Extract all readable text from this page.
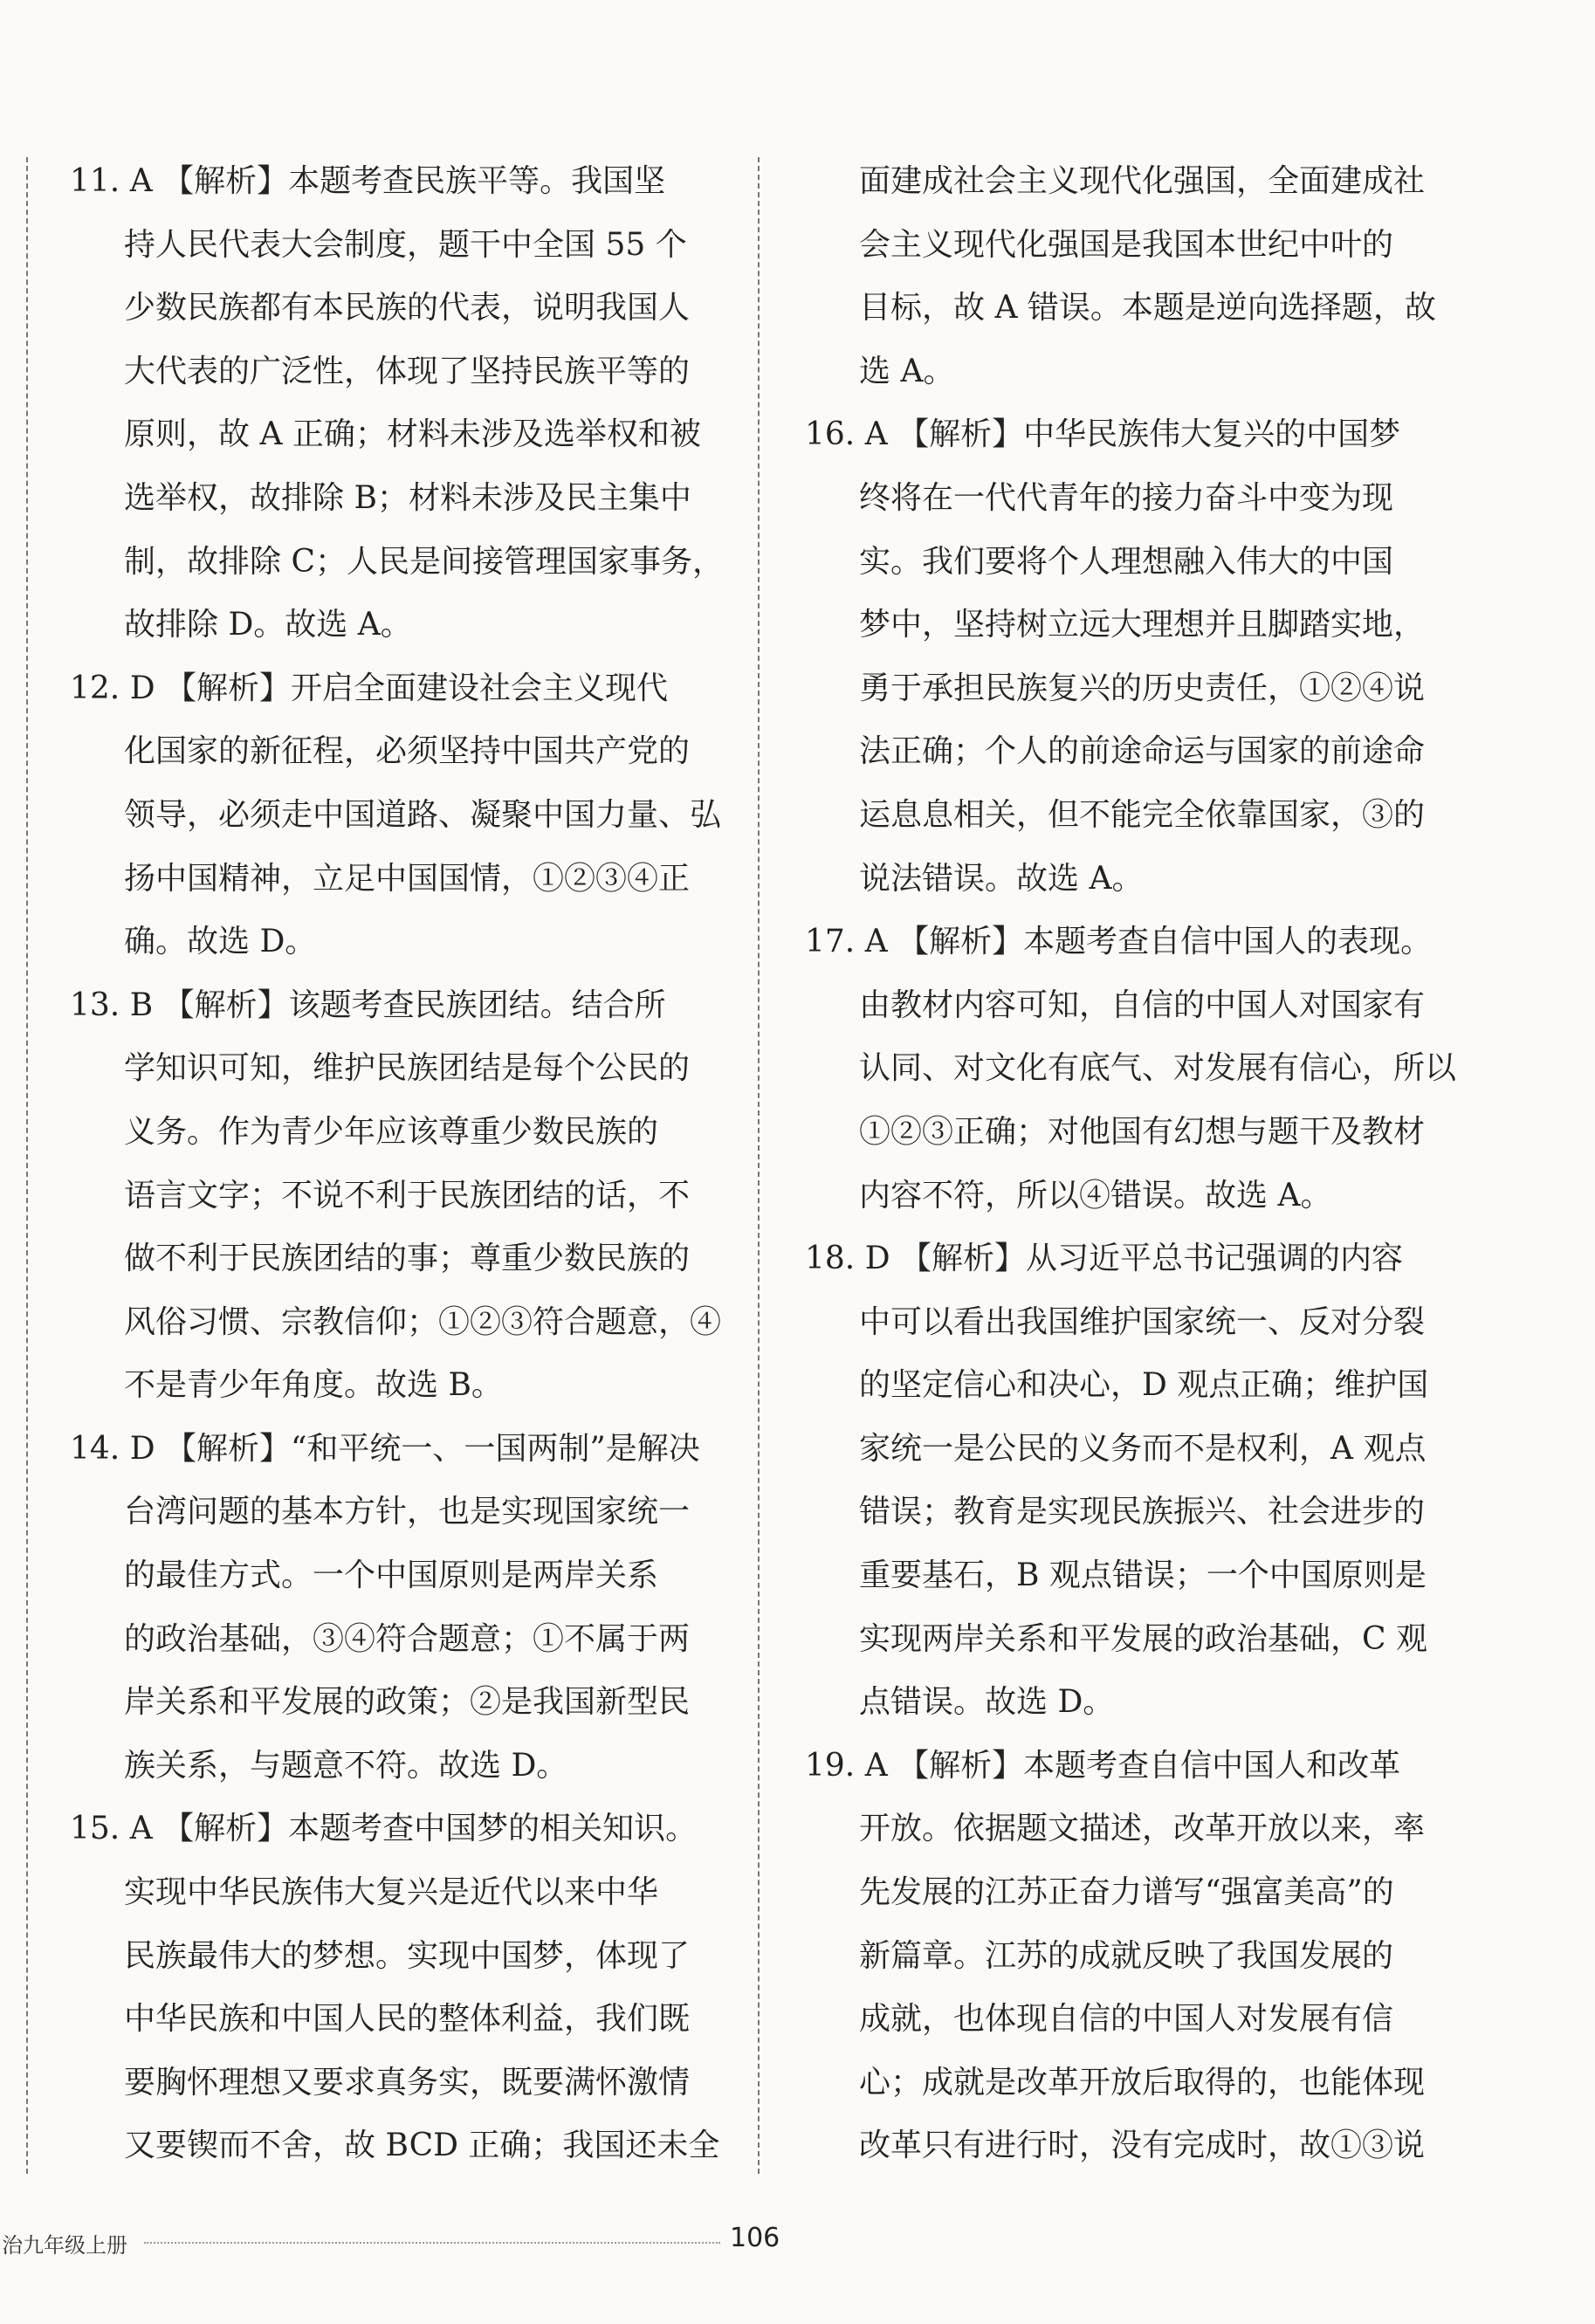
11. A 【解析】本题考查民族平等。我国坚
持人民代表大会制度，题干中全国 55 个
少数民族都有本民族的代表，说明我国人
大代表的广泛性，体现了坚持民族平等的
原则，故 A 正确；材料未涉及选举权和被
选举权，故排除 B；材料未涉及民主集中
制，故排除 C；人民是间接管理国家事务，
故排除 D。故选 A。
12. D 【解析】开启全面建设社会主义现代
化国家的新征程，必须坚持中国共产党的
领导，必须走中国道路、凝聚中国力量、弘
扬中国精神，立足中国国情，①②③④正
确。故选 D。
13. B 【解析】该题考查民族团结。结合所
学知识可知，维护民族团结是每个公民的
义务。作为青少年应该尊重少数民族的
语言文字；不说不利于民族团结的话，不
做不利于民族团结的事；尊重少数民族的
风俗习惯、宗教信仰；①②③符合题意，④
不是青少年角度。故选 B。
14. D 【解析】“和平统一、一国两制”是解决
台湾问题的基本方针，也是实现国家统一
的最佳方式。一个中国原则是两岸关系
的政治基础，③④符合题意；①不属于两
岸关系和平发展的政策；②是我国新型民
族关系，与题意不符。故选 D。
15. A 【解析】本题考查中国梦的相关知识。
实现中华民族伟大复兴是近代以来中华
民族最伟大的梦想。实现中国梦，体现了
中华民族和中国人民的整体利益，我们既
要胸怀理想又要求真务实，既要满怀激情
又要锲而不舍，故 BCD 正确；我国还未全
面建成社会主义现代化强国，全面建成社
会主义现代化强国是我国本世纪中叶的
目标，故 A 错误。本题是逆向选择题，故
选 A。
16. A 【解析】中华民族伟大复兴的中国梦
终将在一代代青年的接力奋斗中变为现
实。我们要将个人理想融入伟大的中国
梦中，坚持树立远大理想并且脚踏实地，
勇于承担民族复兴的历史责任，①②④说
法正确；个人的前途命运与国家的前途命
运息息相关，但不能完全依靠国家，③的
说法错误。故选 A。
17. A 【解析】本题考查自信中国人的表现。
由教材内容可知，自信的中国人对国家有
认同、对文化有底气、对发展有信心，所以
①②③正确；对他国有幻想与题干及教材
内容不符，所以④错误。故选 A。
18. D 【解析】从习近平总书记强调的内容
中可以看出我国维护国家统一、反对分裂
的坚定信心和决心，D 观点正确；维护国
家统一是公民的义务而不是权利，A 观点
错误；教育是实现民族振兴、社会进步的
重要基石，B 观点错误；一个中国原则是
实现两岸关系和平发展的政治基础，C 观
点错误。故选 D。
19. A 【解析】本题考查自信中国人和改革
开放。依据题文描述，改革开放以来，率
先发展的江苏正奋力谱写“强富美高”的
新篇章。江苏的成就反映了我国发展的
成就，也体现自信的中国人对发展有信
心；成就是改革开放后取得的，也能体现
改革只有进行时，没有完成时，故①③说
治九年级上册	106
